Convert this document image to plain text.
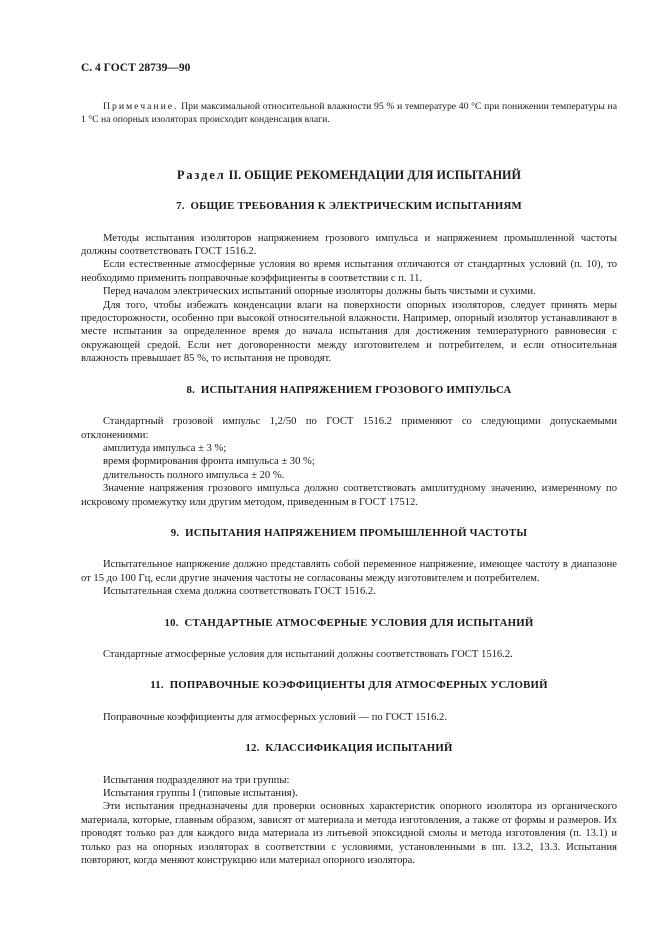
С. 4 ГОСТ 28739—90

Примечание. При максимальной относительной влажности 95 % и температуре 40 °С при понижении температуры на 1 °С на опорных изоляторах происходит конденсация влаги.

Раздел II. ОБЩИЕ РЕКОМЕНДАЦИИ ДЛЯ ИСПЫТАНИЙ
7. ОБЩИЕ ТРЕБОВАНИЯ К ЭЛЕКТРИЧЕСКИМ ИСПЫТАНИЯМ

Методы испытания изоляторов напряжением грозового импульса и напряжением промышленной частоты должны соответствовать ГОСТ 1516.2.

Если естественные атмосферные условия во время испытания отличаются от стандартных условий (п. 10), то необходимо применить поправочные коэффициенты в соответствии с п. 11.

Перед началом электрических испытаний опорные изоляторы должны быть чистыми и сухими.

Для того, чтобы избежать конденсации влаги на поверхности опорных изоляторов, следует принять меры предосторожности, особенно при высокой относительной влажности. Например, опорный изолятор устанавливают в месте испытания за определенное время до начала испытания для достижения температурного равновесия с окружающей средой. Если нет договоренности между изготовителем и потребителем, и если относительная влажность превышает 85 %, то испытания не проводят.

8. ИСПЫТАНИЯ НАПРЯЖЕНИЕМ ГРОЗОВОГО ИМПУЛЬСА

Стандартный грозовой импульс 1,2/50 по ГОСТ 1516.2 применяют со следующими допускаемыми отклонениями:

амплитуда импульса ± 3 %;

время формирования фронта импульса ± 30 %;

длительность полного импульса ± 20 %.

Значение напряжения грозового импульса должно соответствовать амплитудному значению, измеренному по искровому промежутку или другим методом, приведенным в ГОСТ 17512.

9. ИСПЫТАНИЯ НАПРЯЖЕНИЕМ ПРОМЫШЛЕННОЙ ЧАСТОТЫ

Испытательное напряжение должно представлять собой переменное напряжение, имеющее частоту в диапазоне от 15 до 100 Гц, если другие значения частоты не согласованы между изготовителем и потребителем.

Испытательная схема должна соответствовать ГОСТ 1516.2.

10. СТАНДАРТНЫЕ АТМОСФЕРНЫЕ УСЛОВИЯ ДЛЯ ИСПЫТАНИЙ

Стандартные атмосферные условия для испытаний должны соответствовать ГОСТ 1516.2.

11. ПОПРАВОЧНЫЕ КОЭФФИЦИЕНТЫ ДЛЯ АТМОСФЕРНЫХ УСЛОВИЙ

Поправочные коэффициенты для атмосферных условий — по ГОСТ 1516.2.

12. КЛАССИФИКАЦИЯ ИСПЫТАНИЙ

Испытания подразделяют на три группы:

Испытания группы I (типовые испытания).

Эти испытания предназначены для проверки основных характеристик опорного изолятора из органического материала, которые, главным образом, зависят от материала и метода изготовления, а также от формы и размеров. Их проводят только раз для каждого вида материала из литьевой эпоксидной смолы и метода изготовления (п. 13.1) и только раз на опорных изоляторах в соответствии с условиями, установленными в пп. 13.2, 13.3. Испытания повторяют, когда меняют конструкцию или материал опорного изолятора.
